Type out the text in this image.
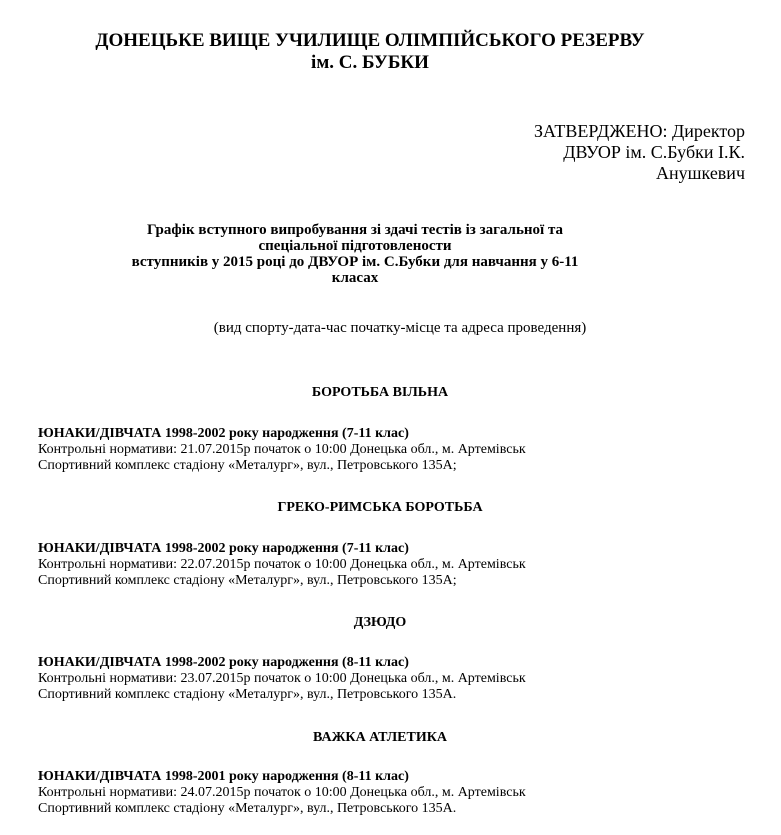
ДОНЕЦЬКЕ ВИЩЕ УЧИЛИЩЕ ОЛІМПІЙСЬКОГО РЕЗЕРВУ
ім. С. БУБКИ
ЗАТВЕРДЖЕНО: Директор
ДВУОР ім. С.Бубки І.К.
Анушкевич
Графік вступного випробування зі здачі тестів із загальної та
спеціальної підготовлености
вступників у 2015 році до ДВУОР ім. С.Бубки для навчання у 6-11
класах
(вид спорту-дата-час початку-місце та адреса проведення)
БОРОТЬБА ВІЛЬНА
ЮНАКИ/ДІВЧАТА 1998-2002 року народження (7-11 клас)
Контрольні нормативи: 21.07.2015р початок о 10:00 Донецька обл., м. Артемівськ
Спортивний комплекс стадіону «Металург», вул., Петровського 135А;
ГРЕКО-РИМСЬКА БОРОТЬБА
ЮНАКИ/ДІВЧАТА 1998-2002 року народження (7-11 клас)
Контрольні нормативи: 22.07.2015р початок о 10:00 Донецька обл., м. Артемівськ
Спортивний комплекс стадіону «Металург», вул., Петровського 135А;
ДЗЮДО
ЮНАКИ/ДІВЧАТА 1998-2002 року народження (8-11 клас)
Контрольні нормативи: 23.07.2015р початок о 10:00 Донецька обл., м. Артемівськ
Спортивний комплекс стадіону «Металург», вул., Петровського 135А.
ВАЖКА АТЛЕТИКА
ЮНАКИ/ДІВЧАТА 1998-2001 року народження (8-11 клас)
Контрольні нормативи: 24.07.2015р початок о 10:00 Донецька обл., м. Артемівськ
Спортивний комплекс стадіону «Металург», вул., Петровського 135А.
